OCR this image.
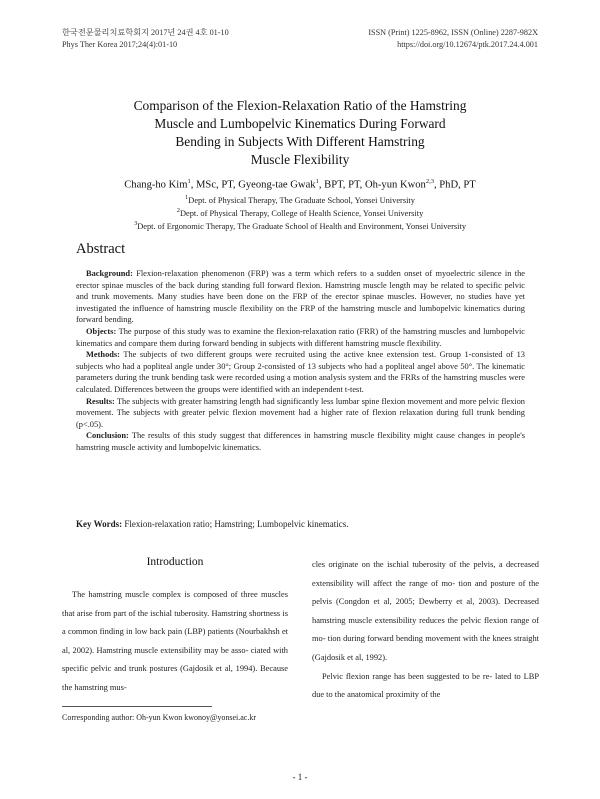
한국전문물리치료학회지 2017년 24권 4호 01-10
Phys Ther Korea 2017;24(4):01-10
ISSN (Print) 1225-8962, ISSN (Online) 2287-982X
https://doi.org/10.12674/ptk.2017.24.4.001
Comparison of the Flexion-Relaxation Ratio of the Hamstring
Muscle and Lumbopelvic Kinematics During Forward
Bending in Subjects With Different Hamstring
Muscle Flexibility
Chang-ho Kim$^1$, MSc, PT, Gyeong-tae Gwak$^1$, BPT, PT, Oh-yun Kwon$^{2,3}$, PhD, PT
$^1$Dept. of Physical Therapy, The Graduate School, Yonsei University
$^2$Dept. of Physical Therapy, College of Health Science, Yonsei University
$^3$Dept. of Ergonomic Therapy, The Graduate School of Health and Environment, Yonsei University
Abstract

Background: Flexion-relaxation phenomenon (FRP) was a term which refers to a sudden onset of myoelectric silence in the erector spinae muscles of the back during standing full forward flexion. Hamstring muscle length may be related to specific pelvic and trunk movements. Many studies have been done on the FRP of the erector spinae muscles. However, no studies have yet investigated the influence of hamstring muscle flexibility on the FRP of the hamstring muscle and lumbopelvic kinematics during forward bending.

Objects: The purpose of this study was to examine the flexion-relaxation ratio (FRR) of the hamstring muscles and lumbopelvic kinematics and compare them during forward bending in subjects with different hamstring muscle flexibility.

Methods: The subjects of two different groups were recruited using the active knee extension test. Group 1-consisted of 13 subjects who had a popliteal angle under 30°; Group 2-consisted of 13 subjects who had a popliteal angel above 50°. The kinematic parameters during the trunk bending task were recorded using a motion analysis system and the FRRs of the hamstring muscles were calculated. Differences between the groups were identified with an independent t-test.

Results: The subjects with greater hamstring length had significantly less lumbar spine flexion movement and more pelvic flexion movement. The subjects with greater pelvic flexion movement had a higher rate of flexion relaxation during full trunk bending (p<.05).

Conclusion: The results of this study suggest that differences in hamstring muscle flexibility might cause changes in people's hamstring muscle activity and lumbopelvic kinematics.

Key Words: Flexion-relaxation ratio; Hamstring; Lumbopelvic kinematics.
Introduction

The hamstring muscle complex is composed of three muscles that arise from part of the ischial tuberosity. Hamstring shortness is a common finding in low back pain (LBP) patients (Nourbakhsh et al, 2002). Hamstring muscle extensibility may be asso- ciated with specific pelvic and trunk postures (Gajdosik et al, 1994). Because the hamstring mus-

cles originate on the ischial tuberosity of the pelvis, a decreased extensibility will affect the range of mo- tion and posture of the pelvis (Congdon et al, 2005; Dewberry et al, 2003). Decreased hamstring muscle extensibility reduces the pelvic flexion range of mo- tion during forward bending movement with the knees straight (Gajdosik et al, 1992).

Pelvic flexion range has been suggested to be re- lated to LBP due to the anatomical proximity of the

Corresponding author: Oh-yun Kwon kwonoy@yonsei.ac.kr
- 1 -
